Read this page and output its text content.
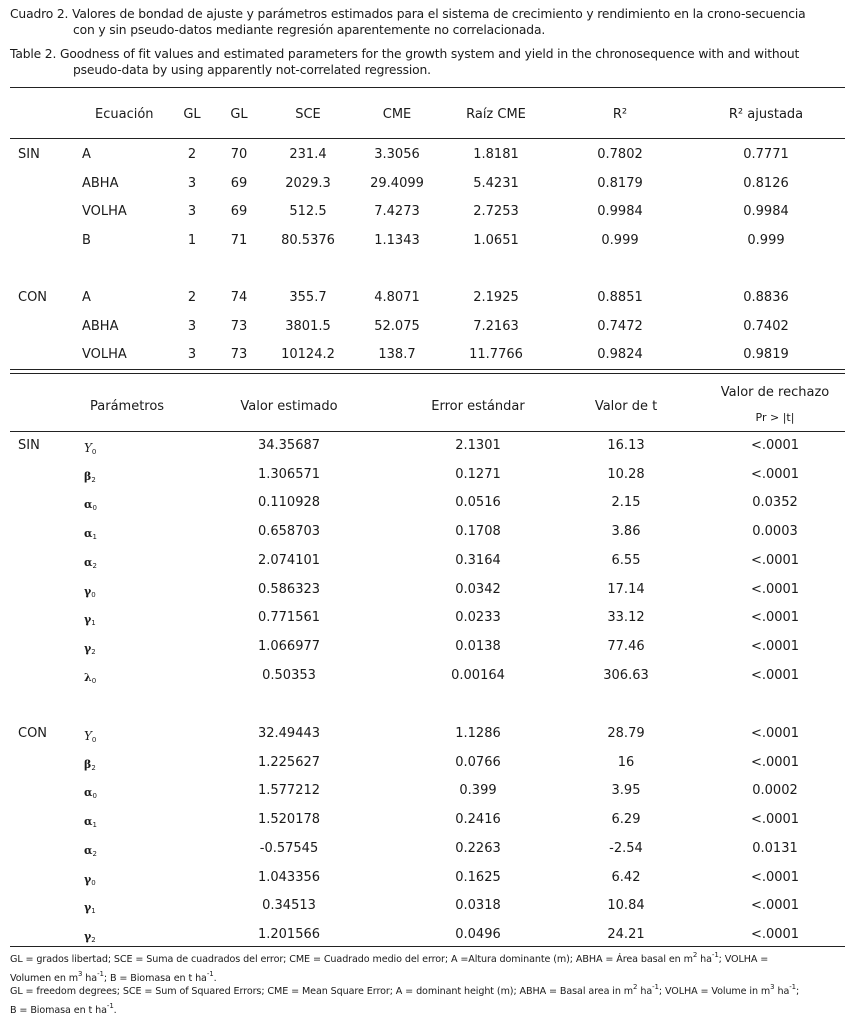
Cuadro 2. Valores de bondad de ajuste y parámetros estimados para el sistema de crecimiento y rendimiento en la crono-secuencia
con y sin pseudo-datos mediante regresión aparentemente no correlacionada.
Table 2. Goodness of fit values and estimated parameters for the growth system and yield in the chronosequence with and without
pseudo-data by using apparently not-correlated regression.
Ecuación GL GL	SCE	CME	Raíz CME	R²	R² ajustada
SIN	A	2	70	231.4	3.3056	1.8181	0.7802	0.7771
ABHA	3	69	2029.3	29.4099	5.4231	0.8179	0.8126
VOLHA	3	69	512.5	7.4273	2.7253	0.9984	0.9984
B	1	71	80.5376	1.1343	1.0651	0.999	0.999
CON	A	2	74	355.7	4.8071	2.1925	0.8851	0.8836
ABHA	3	73	3801.5	52.075	7.2163	0.7472	0.7402
VOLHA	3	73	10124.2	138.7	11.7766	0.9824	0.9819
Parámetros	Valor estimado	Error estándar	Valor de t
Valor de rechazo
Pr > |t|
SIN	$Y_0$	34.35687	2.1301	16.13	<.0001
$\beta_2$	1.306571	0.1271	10.28	<.0001
$\alpha_0$	0.110928	0.0516	2.15	0.0352
$\alpha_1$	0.658703	0.1708	3.86	0.0003
$\alpha_2$	2.074101	0.3164	6.55	<.0001
$\gamma_0$	0.586323	0.0342	17.14	<.0001
$\gamma_1$	0.771561	0.0233	33.12	<.0001
$\gamma_2$	1.066977	0.0138	77.46	<.0001
$\lambda_0$	0.50353	0.00164	306.63	<.0001
CON	$Y_0$	32.49443	1.1286	28.79	<.0001
$\beta_2$	1.225627	0.0766	16	<.0001
$\alpha_0$	1.577212	0.399	3.95	0.0002
$\alpha_1$	1.520178	0.2416	6.29	<.0001
$\alpha_2$	-0.57545	0.2263	-2.54	0.0131
$\gamma_0$	1.043356	0.1625	6.42	<.0001
$\gamma_1$	0.34513	0.0318	10.84	<.0001
$\gamma_2$	1.201566	0.0496	24.21	<.0001
GL = grados libertad; SCE = Suma de cuadrados del error; CME = Cuadrado medio del error; A =Altura dominante (m); ABHA = Área basal en $m^2$ $ha^{-1}$; VOLHA =
Volumen en $m^3$ $ha^{-1}$; B = Biomasa en t $ha^{-1}$.
GL = freedom degrees; SCE = Sum of Squared Errors; CME = Mean Square Error; A = dominant height (m); ABHA = Basal area in $m^2$ $ha^{-1}$; VOLHA = Volume in $m^3$ $ha^{-1}$;
B = Biomasa en t $ha^{-1}$.
